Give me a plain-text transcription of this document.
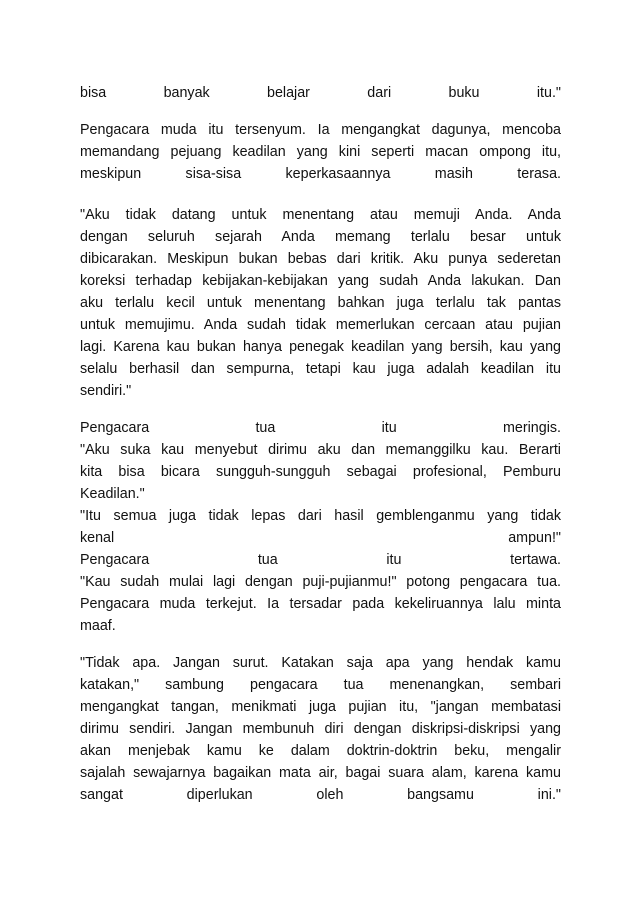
bisa banyak belajar dari buku itu."
Pengacara muda itu tersenyum. Ia mengangkat dagunya, mencoba
memandang pejuang keadilan yang kini seperti macan ompong itu,
meskipun sisa-sisa keperkasaannya masih terasa.
"Aku tidak datang untuk menentang atau memuji Anda. Anda
dengan seluruh sejarah Anda memang terlalu besar untuk
dibicarakan. Meskipun bukan bebas dari kritik. Aku punya sederetan
koreksi terhadap kebijakan-kebijakan yang sudah Anda lakukan. Dan
aku terlalu kecil untuk menentang bahkan juga terlalu tak pantas
untuk memujimu. Anda sudah tidak memerlukan cercaan atau pujian
lagi. Karena kau bukan hanya penegak keadilan yang bersih, kau yang
selalu berhasil dan sempurna, tetapi kau juga adalah keadilan itu
sendiri."
Pengacara tua itu meringis.
"Aku suka kau menyebut dirimu aku dan memanggilku kau. Berarti
kita bisa bicara sungguh-sungguh sebagai profesional, Pemburu
Keadilan."
"Itu semua juga tidak lepas dari hasil gemblenganmu yang tidak
kenal ampun!"
Pengacara tua itu tertawa.
"Kau sudah mulai lagi dengan puji-pujianmu!" potong pengacara tua.
Pengacara muda terkejut. Ia tersadar pada kekeliruannya lalu minta
maaf.
"Tidak apa. Jangan surut. Katakan saja apa yang hendak kamu
katakan," sambung pengacara tua menenangkan, sembari
mengangkat tangan, menikmati juga pujian itu, "jangan membatasi
dirimu sendiri. Jangan membunuh diri dengan diskripsi-diskripsi yang
akan menjebak kamu ke dalam doktrin-doktrin beku, mengalir
sajalah sewajarnya bagaikan mata air, bagai suara alam, karena kamu
sangat diperlukan oleh bangsamu ini."
